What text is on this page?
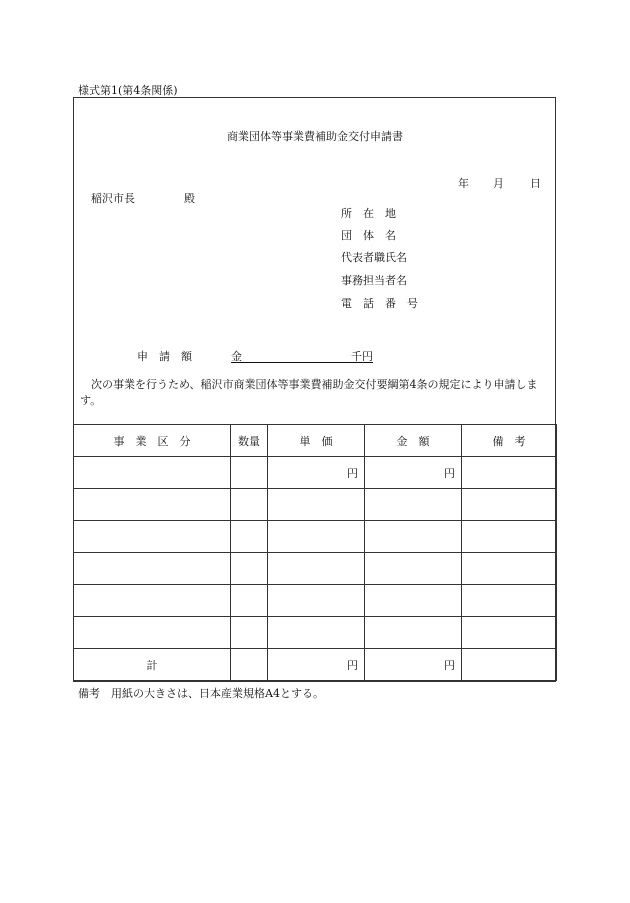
様式第1(第4条関係)
商業団体等事業費補助金交付申請書
年 月 日
稲沢市長	殿
所　在　地
団　体　名
代表者職氏名
事務担当者名
電　話　番　号
申　請　額	金	千円
次の事業を行うため、稲沢市商業団体等事業費補助金交付要綱第4条の規定により申請します。
事　業　区　分	数量	単　価	金　額	備　考
		円	円	

計		円	円	
備考　用紙の大きさは、日本産業規格A4とする。
